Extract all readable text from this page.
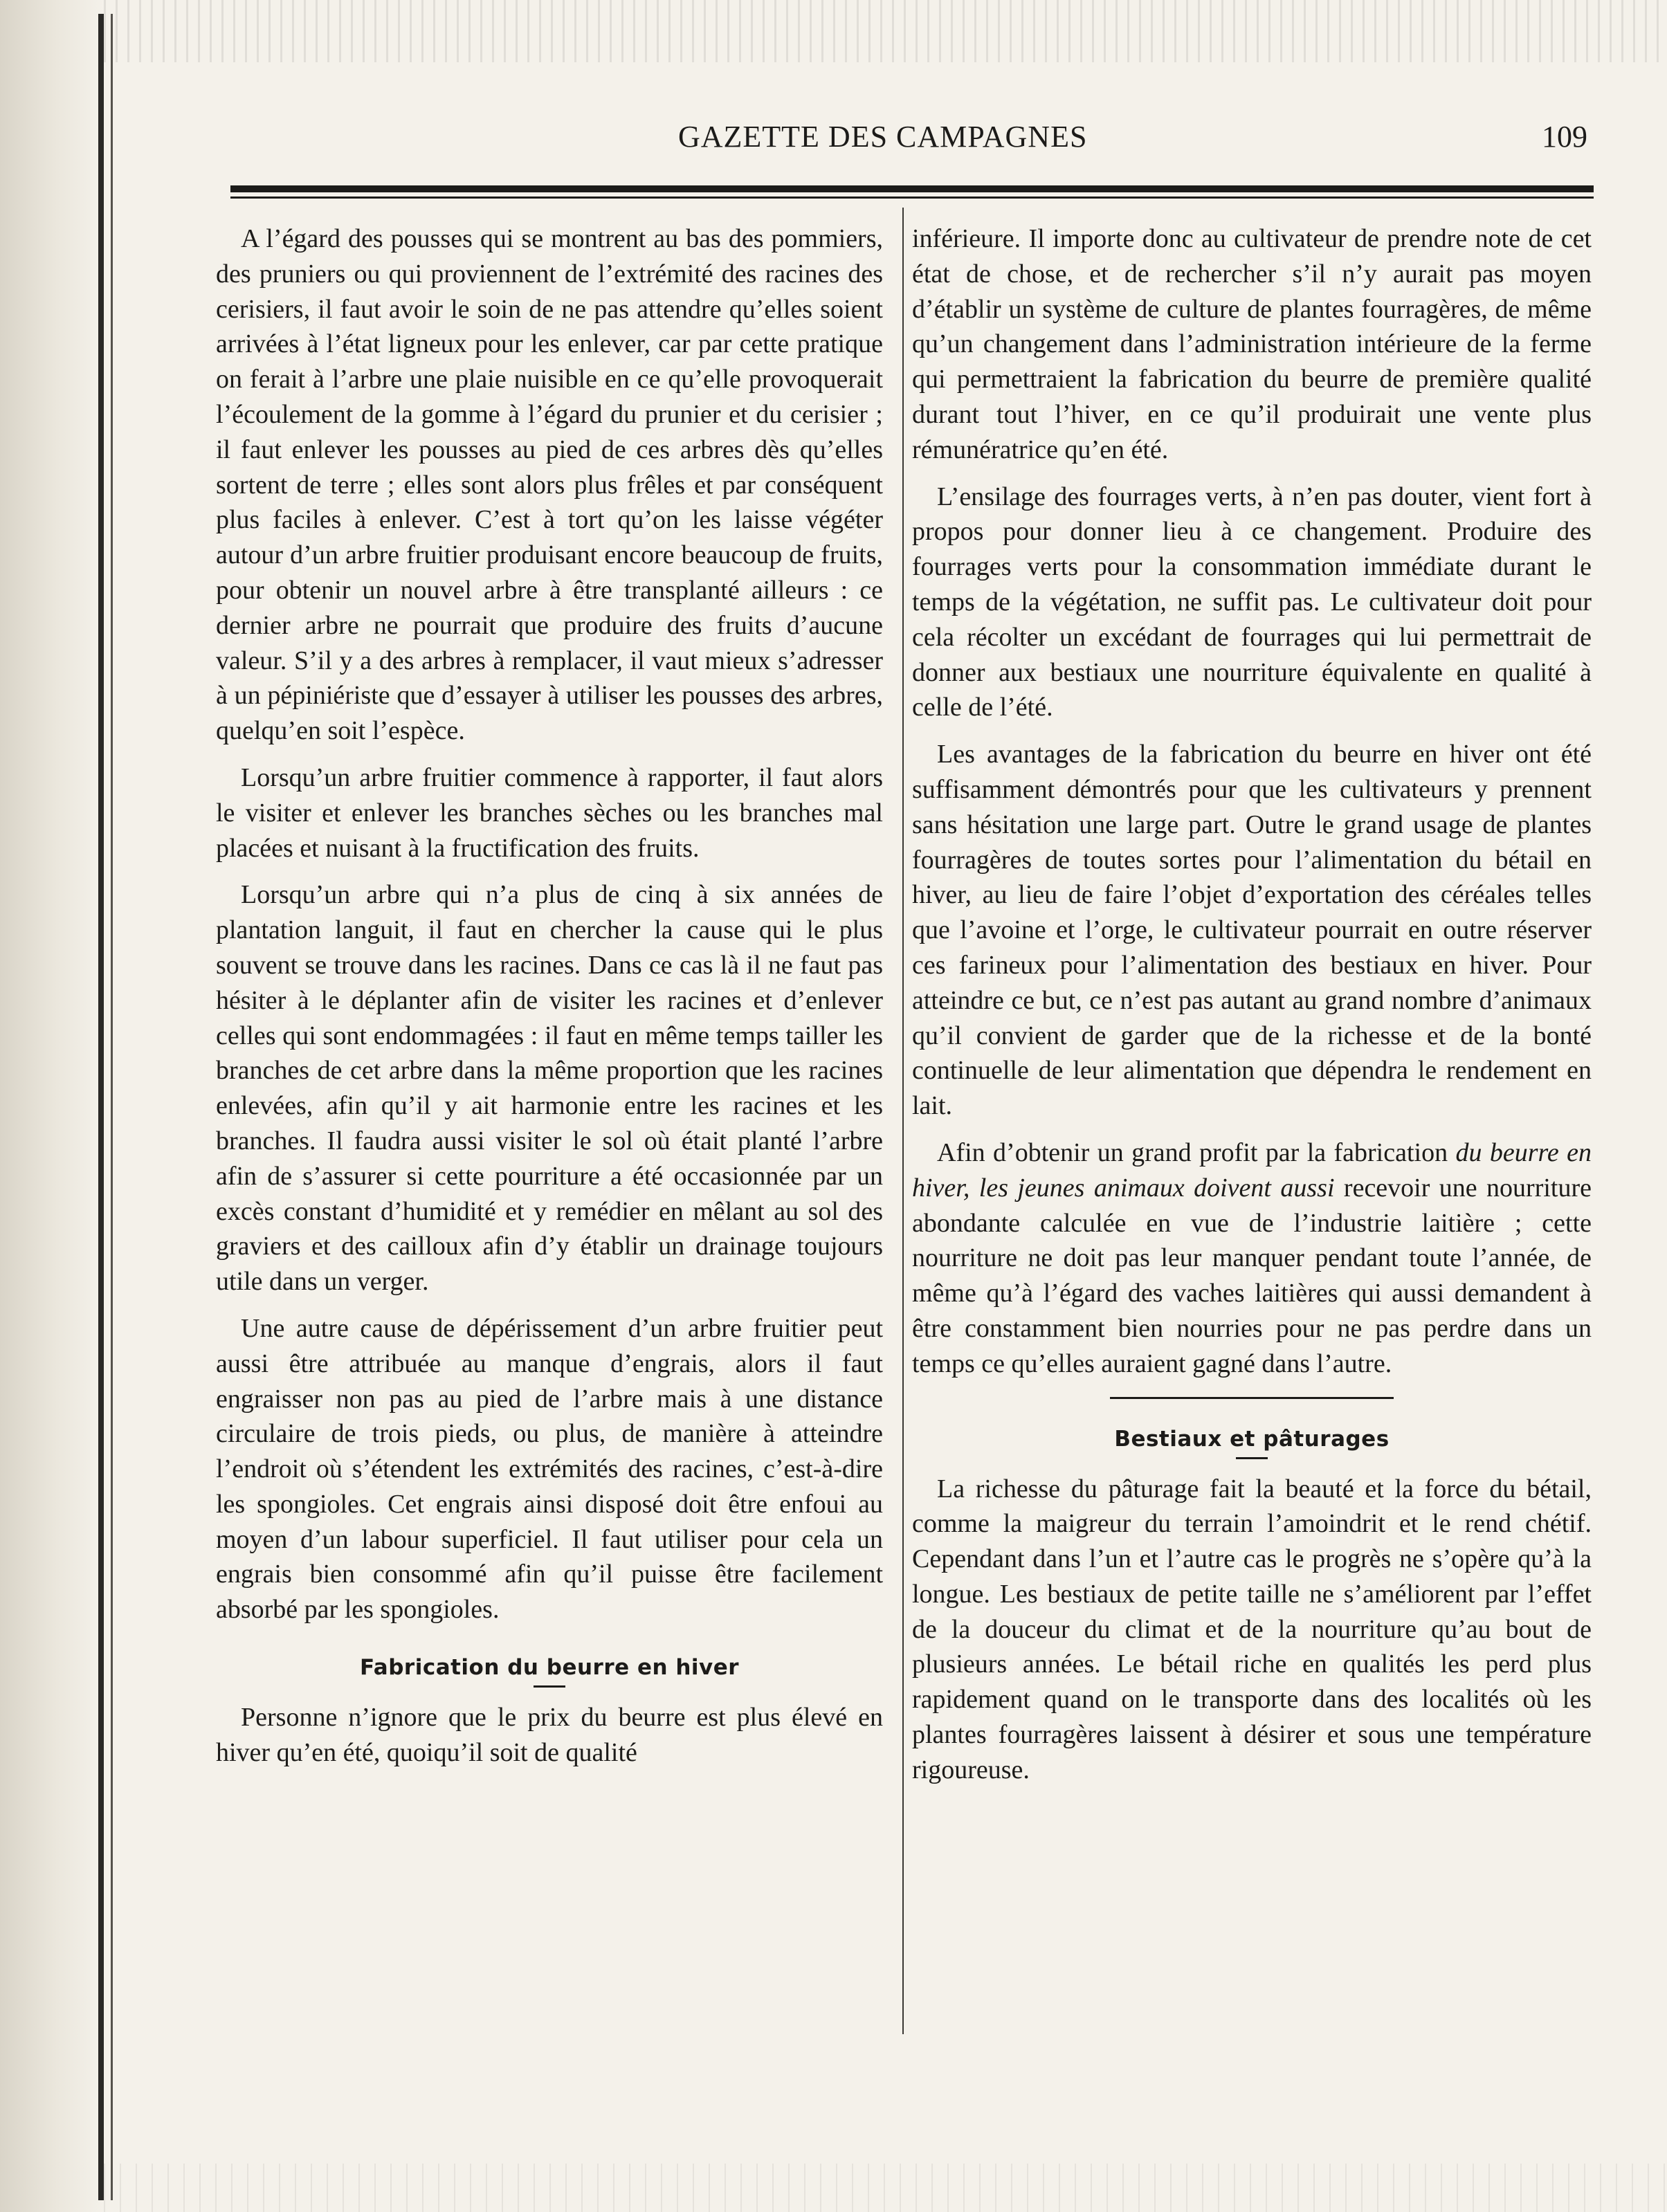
GAZETTE DES CAMPAGNES	109

A l’égard des pousses qui se montrent au bas des pommiers, des pruniers ou qui proviennent de l’extrémité des racines des cerisiers, il faut avoir le soin de ne pas attendre qu’elles soient arrivées à l’état ligneux pour les enlever, car par cette pratique on ferait à l’arbre une plaie nuisible en ce qu’elle provoquerait l’écoulement de la gomme à l’égard du prunier et du cerisier ; il faut enlever les pousses au pied de ces arbres dès qu’elles sortent de terre ; elles sont alors plus frêles et par conséquent plus faciles à enlever. C’est à tort qu’on les laisse végéter autour d’un arbre fruitier produisant encore beaucoup de fruits, pour obtenir un nouvel arbre à être transplanté ailleurs : ce dernier arbre ne pourrait que produire des fruits d’aucune valeur. S’il y a des arbres à remplacer, il vaut mieux s’adresser à un pépiniériste que d’essayer à utiliser les pousses des arbres, quelqu’en soit l’espèce.

Lorsqu’un arbre fruitier commence à rapporter, il faut alors le visiter et enlever les branches sèches ou les branches mal placées et nuisant à la fructification des fruits.

Lorsqu’un arbre qui n’a plus de cinq à six années de plantation languit, il faut en chercher la cause qui le plus souvent se trouve dans les racines. Dans ce cas là il ne faut pas hésiter à le déplanter afin de visiter les racines et d’enlever celles qui sont endommagées : il faut en même temps tailler les branches de cet arbre dans la même proportion que les racines enlevées, afin qu’il y ait harmonie entre les racines et les branches. Il faudra aussi visiter le sol où était planté l’arbre afin de s’assurer si cette pourriture a été occasionnée par un excès constant d’humidité et y remédier en mêlant au sol des graviers et des cailloux afin d’y établir un drainage toujours utile dans un verger.

Une autre cause de dépérissement d’un arbre fruitier peut aussi être attribuée au manque d’engrais, alors il faut engraisser non pas au pied de l’arbre mais à une distance circulaire de trois pieds, ou plus, de manière à atteindre l’endroit où s’étendent les extrémités des racines, c’est-à-dire les spongioles. Cet engrais ainsi disposé doit être enfoui au moyen d’un labour superficiel. Il faut utiliser pour cela un engrais bien consommé afin qu’il puisse être facilement absorbé par les spongioles.

Fabrication du beurre en hiver

Personne n’ignore que le prix du beurre est plus élevé en hiver qu’en été, quoiqu’il soit de qualité

inférieure. Il importe donc au cultivateur de prendre note de cet état de chose, et de rechercher s’il n’y aurait pas moyen d’établir un système de culture de plantes fourragères, de même qu’un changement dans l’administration intérieure de la ferme qui permettraient la fabrication du beurre de première qualité durant tout l’hiver, en ce qu’il produirait une vente plus rémunératrice qu’en été.

L’ensilage des fourrages verts, à n’en pas douter, vient fort à propos pour donner lieu à ce changement. Produire des fourrages verts pour la consommation immédiate durant le temps de la végétation, ne suffit pas. Le cultivateur doit pour cela récolter un excédant de fourrages qui lui permettrait de donner aux bestiaux une nourriture équivalente en qualité à celle de l’été.

Les avantages de la fabrication du beurre en hiver ont été suffisamment démontrés pour que les cultivateurs y prennent sans hésitation une large part. Outre le grand usage de plantes fourragères de toutes sortes pour l’alimentation du bétail en hiver, au lieu de faire l’objet d’exportation des céréales telles que l’avoine et l’orge, le cultivateur pourrait en outre réserver ces farineux pour l’alimentation des bestiaux en hiver. Pour atteindre ce but, ce n’est pas autant au grand nombre d’animaux qu’il convient de garder que de la richesse et de la bonté continuelle de leur alimentation que dépendra le rendement en lait.

Afin d’obtenir un grand profit par la fabrication du beurre en hiver, les jeunes animaux doivent aussi recevoir une nourriture abondante calculée en vue de l’industrie laitière ; cette nourriture ne doit pas leur manquer pendant toute l’année, de même qu’à l’égard des vaches laitières qui aussi demandent à être constamment bien nourries pour ne pas perdre dans un temps ce qu’elles auraient gagné dans l’autre.

Bestiaux et pâturages

La richesse du pâturage fait la beauté et la force du bétail, comme la maigreur du terrain l’amoindrit et le rend chétif. Cependant dans l’un et l’autre cas le progrès ne s’opère qu’à la longue. Les bestiaux de petite taille ne s’améliorent par l’effet de la douceur du climat et de la nourriture qu’au bout de plusieurs années. Le bétail riche en qualités les perd plus rapidement quand on le transporte dans des localités où les plantes fourragères laissent à désirer et sous une température rigoureuse.
